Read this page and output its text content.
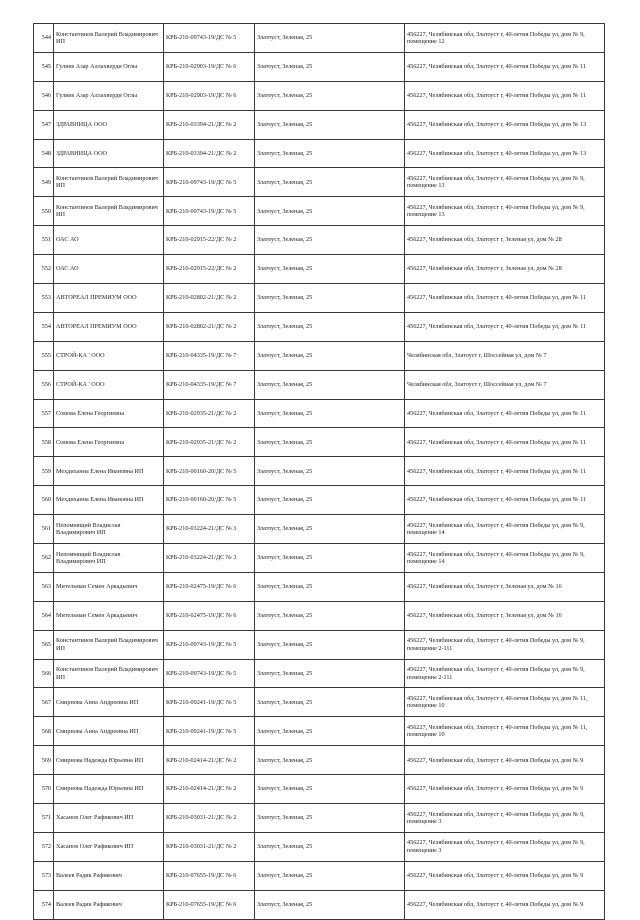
544	Константинов Валерий Владимирович ИП	КРБ-210-09743-19/ДС № 5	Златоуст, Зеленая, 25	456227, Челябинская обл, Златоуст г, 40-летия Победы ул, дом № 9, помещение 12
545	Гулиев Азар Аллахверди Оглы	КРБ-210-02903-19/ДС № 6	Златоуст, Зеленая, 25	456227, Челябинская обл, Златоуст г, 40-летия Победы ул, дом № 11
546	Гулиев Азар Аллахверди Оглы	КРБ-210-02903-19/ДС № 6	Златоуст, Зеленая, 25	456227, Челябинская обл, Златоуст г, 40-летия Победы ул, дом № 11
547	ЗДРАВНИЦА ООО	КРБ-210-03394-21/ДС № 2	Златоуст, Зеленая, 25	456227, Челябинская обл, Златоуст г, 40-летия Победы ул, дом № 13
548	ЗДРАВНИЦА ООО	КРБ-210-03394-21/ДС № 2	Златоуст, Зеленая, 25	456227, Челябинская обл, Златоуст г, 40-летия Победы ул, дом № 13
549	Константинов Валерий Владимирович ИП	КРБ-210-09743-19/ДС № 5	Златоуст, Зеленая, 25	456227, Челябинская обл, Златоуст г, 40-летия Победы ул, дом № 9, помещение 13
550	Константинов Валерий Владимирович ИП	КРБ-210-09743-19/ДС № 5	Златоуст, Зеленая, 25	456227, Челябинская обл, Златоуст г, 40-летия Победы ул, дом № 9, помещение 13
551	ОАС АО	КРБ-210-02915-22/ДС № 2	Златоуст, Зеленая, 25	456227, Челябинская обл, Златоуст г, Зеленая ул, дом № 28
552	ОАС АО	КРБ-210-02915-22/ДС № 2	Златоуст, Зеленая, 25	456227, Челябинская обл, Златоуст г, Зеленая ул, дом № 28
553	АВТОРЕАЛ ПРЕМИУМ ООО	КРБ-210-02802-21/ДС № 2	Златоуст, Зеленая, 25	456227, Челябинская обл, Златоуст г, 40-летия Победы ул, дом № 11
554	АВТОРЕАЛ ПРЕМИУМ ООО	КРБ-210-02802-21/ДС № 2	Златоуст, Зеленая, 25	456227, Челябинская обл, Златоуст г, 40-летия Победы ул, дом № 11
555	СТРОЙ-КА ' ООО	КРБ-210-04335-19/ДС № 7	Златоуст, Зеленая, 25	Челябинская обл, Златоуст г, Шоссейная ул, дом № 7
556	СТРОЙ-КА ' ООО	КРБ-210-04335-19/ДС № 7	Златоуст, Зеленая, 25	Челябинская обл, Златоуст г, Шоссейная ул, дом № 7
557	Сомова Елена Георгиевна	КРБ-210-02935-21/ДС № 2	Златоуст, Зеленая, 25	456227, Челябинская обл, Златоуст г, 40-летия Победы ул, дом № 11
558	Сомова Елена Георгиевна	КРБ-210-02935-21/ДС № 2	Златоуст, Зеленая, 25	456227, Челябинская обл, Златоуст г, 40-летия Победы ул, дом № 11
559	Мехдиханна Елена Ивановна ИП	КРБ-210-00160-20/ДС № 5	Златоуст, Зеленая, 25	456227, Челябинская обл, Златоуст г, 40-летия Победы ул, дом № 11
560	Мехдиханна Елена Ивановна ИП	КРБ-210-00160-20/ДС № 5	Златоуст, Зеленая, 25	456227, Челябинская обл, Златоуст г, 40-летия Победы ул, дом № 11
561	Непомнящий Владислав Владимирович ИП	КРБ-210-03224-21/ДС № 3	Златоуст, Зеленая, 25	456227, Челябинская обл, Златоуст г, 40-летия Победы ул, дом № 9, помещение 14
562	Непомнящий Владислав Владимирович ИП	КРБ-210-03224-21/ДС № 3	Златоуст, Зеленая, 25	456227, Челябинская обл, Златоуст г, 40-летия Победы ул, дом № 9, помещение 14
563	Мительман Семен Аркадьевич	КРБ-210-02475-19/ДС № 6	Златоуст, Зеленая, 25	456227, Челябинская обл, Златоуст г, Зеленая ул, дом № 16
564	Мительман Семен Аркадьевич	КРБ-210-02475-19/ДС № 6	Златоуст, Зеленая, 25	456227, Челябинская обл, Златоуст г, Зеленая ул, дом № 16
565	Константинов Валерий Владимирович ИП	КРБ-210-09743-19/ДС № 5	Златоуст, Зеленая, 25	456227, Челябинская обл, Златоуст г, 40-летия Победы ул, дом № 9, помещение 2-111
566	Константинов Валерий Владимирович ИП	КРБ-210-09743-19/ДС № 5	Златоуст, Зеленая, 25	456227, Челябинская обл, Златоуст г, 40-летия Победы ул, дом № 9, помещение 2-111
567	Смирнова Анна Андреевна ИП	КРБ-210-09241-19/ДС № 5	Златоуст, Зеленая, 25	456227, Челябинская обл, Златоуст г, 40-летия Победы ул, дом № 11, помещение 10
568	Смирнова Анна Андреевна ИП	КРБ-210-09241-19/ДС № 5	Златоуст, Зеленая, 25	456227, Челябинская обл, Златоуст г, 40-летия Победы ул, дом № 11, помещение 10
569	Смирнова Надежда Юрьевна ИП	КРБ-210-02414-21/ДС № 2	Златоуст, Зеленая, 25	456227, Челябинская обл, Златоуст г, 40-летия Победы ул, дом № 9
570	Смирнова Надежда Юрьевна ИП	КРБ-210-02414-21/ДС № 2	Златоуст, Зеленая, 25	456227, Челябинская обл, Златоуст г, 40-летия Победы ул, дом № 9
571	Хасанов Олег Рафикович ИП	КРБ-210-03031-21/ДС № 2	Златоуст, Зеленая, 25	456227, Челябинская обл, Златоуст г, 40-летия Победы ул, дом № 9, помещение 3
572	Хасанов Олег Рафикович ИП	КРБ-210-03031-21/ДС № 2	Златоуст, Зеленая, 25	456227, Челябинская обл, Златоуст г, 40-летия Победы ул, дом № 9, помещение 3
573	Валеев Радик Рафикович	КРБ-210-07655-19/ДС № 6	Златоуст, Зеленая, 25	456227, Челябинская обл, Златоуст г, 40-летия Победы ул, дом № 9
574	Валеев Радик Рафикович	КРБ-210-07655-19/ДС № 6	Златоуст, Зеленая, 25	456227, Челябинская обл, Златоуст г, 40-летия Победы ул, дом № 9
